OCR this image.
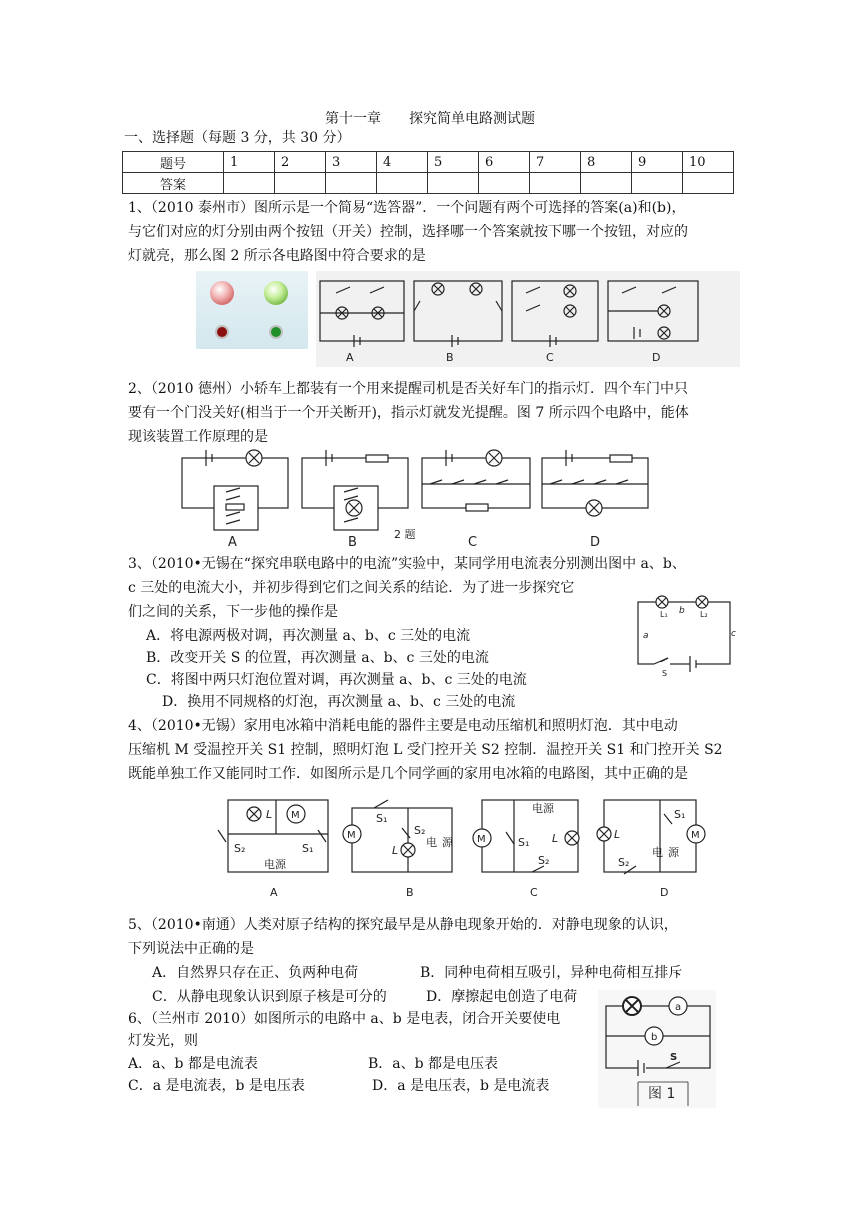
第十一章　　探究简单电路测试题
一、选择题（每题 3 分，共 30 分）
题号	1	2	3	4	5	6	7	8	9	10
答案										
1、（2010 泰州市）图所示是一个简易“选答器”．一个问题有两个可选择的答案(a)和(b)，
与它们对应的灯分别由两个按钮（开关）控制，选择哪一个答案就按下哪一个按钮，对应的
灯就亮，那么图 2 所示各电路图中符合要求的是
A	B	C	D
2、（2010 德州）小轿车上都装有一个用来提醒司机是否关好车门的指示灯．四个车门中只
要有一个门没关好(相当于一个开关断开)，指示灯就发光提醒。图 7 所示四个电路中，能体
现该装置工作原理的是
A	B
2 题
C	D
3、（2010•无锡在“探究串联电路中的电流”实验中，某同学用电流表分别测出图中 a、b、
c 三处的电流大小，并初步得到它们之间关系的结论．为了进一步探究它
们之间的关系，下一步他的操作是
A．将电源两极对调，再次测量 a、b、c 三处的电流
B．改变开关 S 的位置，再次测量 a、b、c 三处的电流
C．将图中两只灯泡位置对调，再次测量 a、b、c 三处的电流
D．换用不同规格的灯泡，再次测量 a、b、c 三处的电流
L₁	L₂
b
a	c
S
4、（2010•无锡）家用电冰箱中消耗电能的器件主要是电动压缩机和照明灯泡．其中电动
压缩机 M 受温控开关 S1 控制，照明灯泡 L 受门控开关 S2 控制．温控开关 S1 和门控开关 S2
既能单独工作又能同时工作．如图所示是几个同学画的家用电冰箱的电路图，其中正确的是
L M
S₂	S₁
电源
A
M
S₁
S₂
L
电 源
B
电源
M	S₁ L
S₂
C
L
S₁
M
电 源
S₂
D
5、（2010•南通）人类对原子结构的探究最早是从静电现象开始的．对静电现象的认识，
下列说法中正确的是
A．自然界只存在正、负两种电荷	B．同种电荷相互吸引，异种电荷相互排斥
C．从静电现象认识到原子核是可分的	D．摩擦起电创造了电荷
6、（兰州市 2010）如图所示的电路中 a、b 是电表，闭合开关要使电
灯发光，则
A．a、b 都是电流表	B．a、b 都是电压表
C．a 是电流表，b 是电压表	D．a 是电压表，b 是电流表
a
b
S
图 1
